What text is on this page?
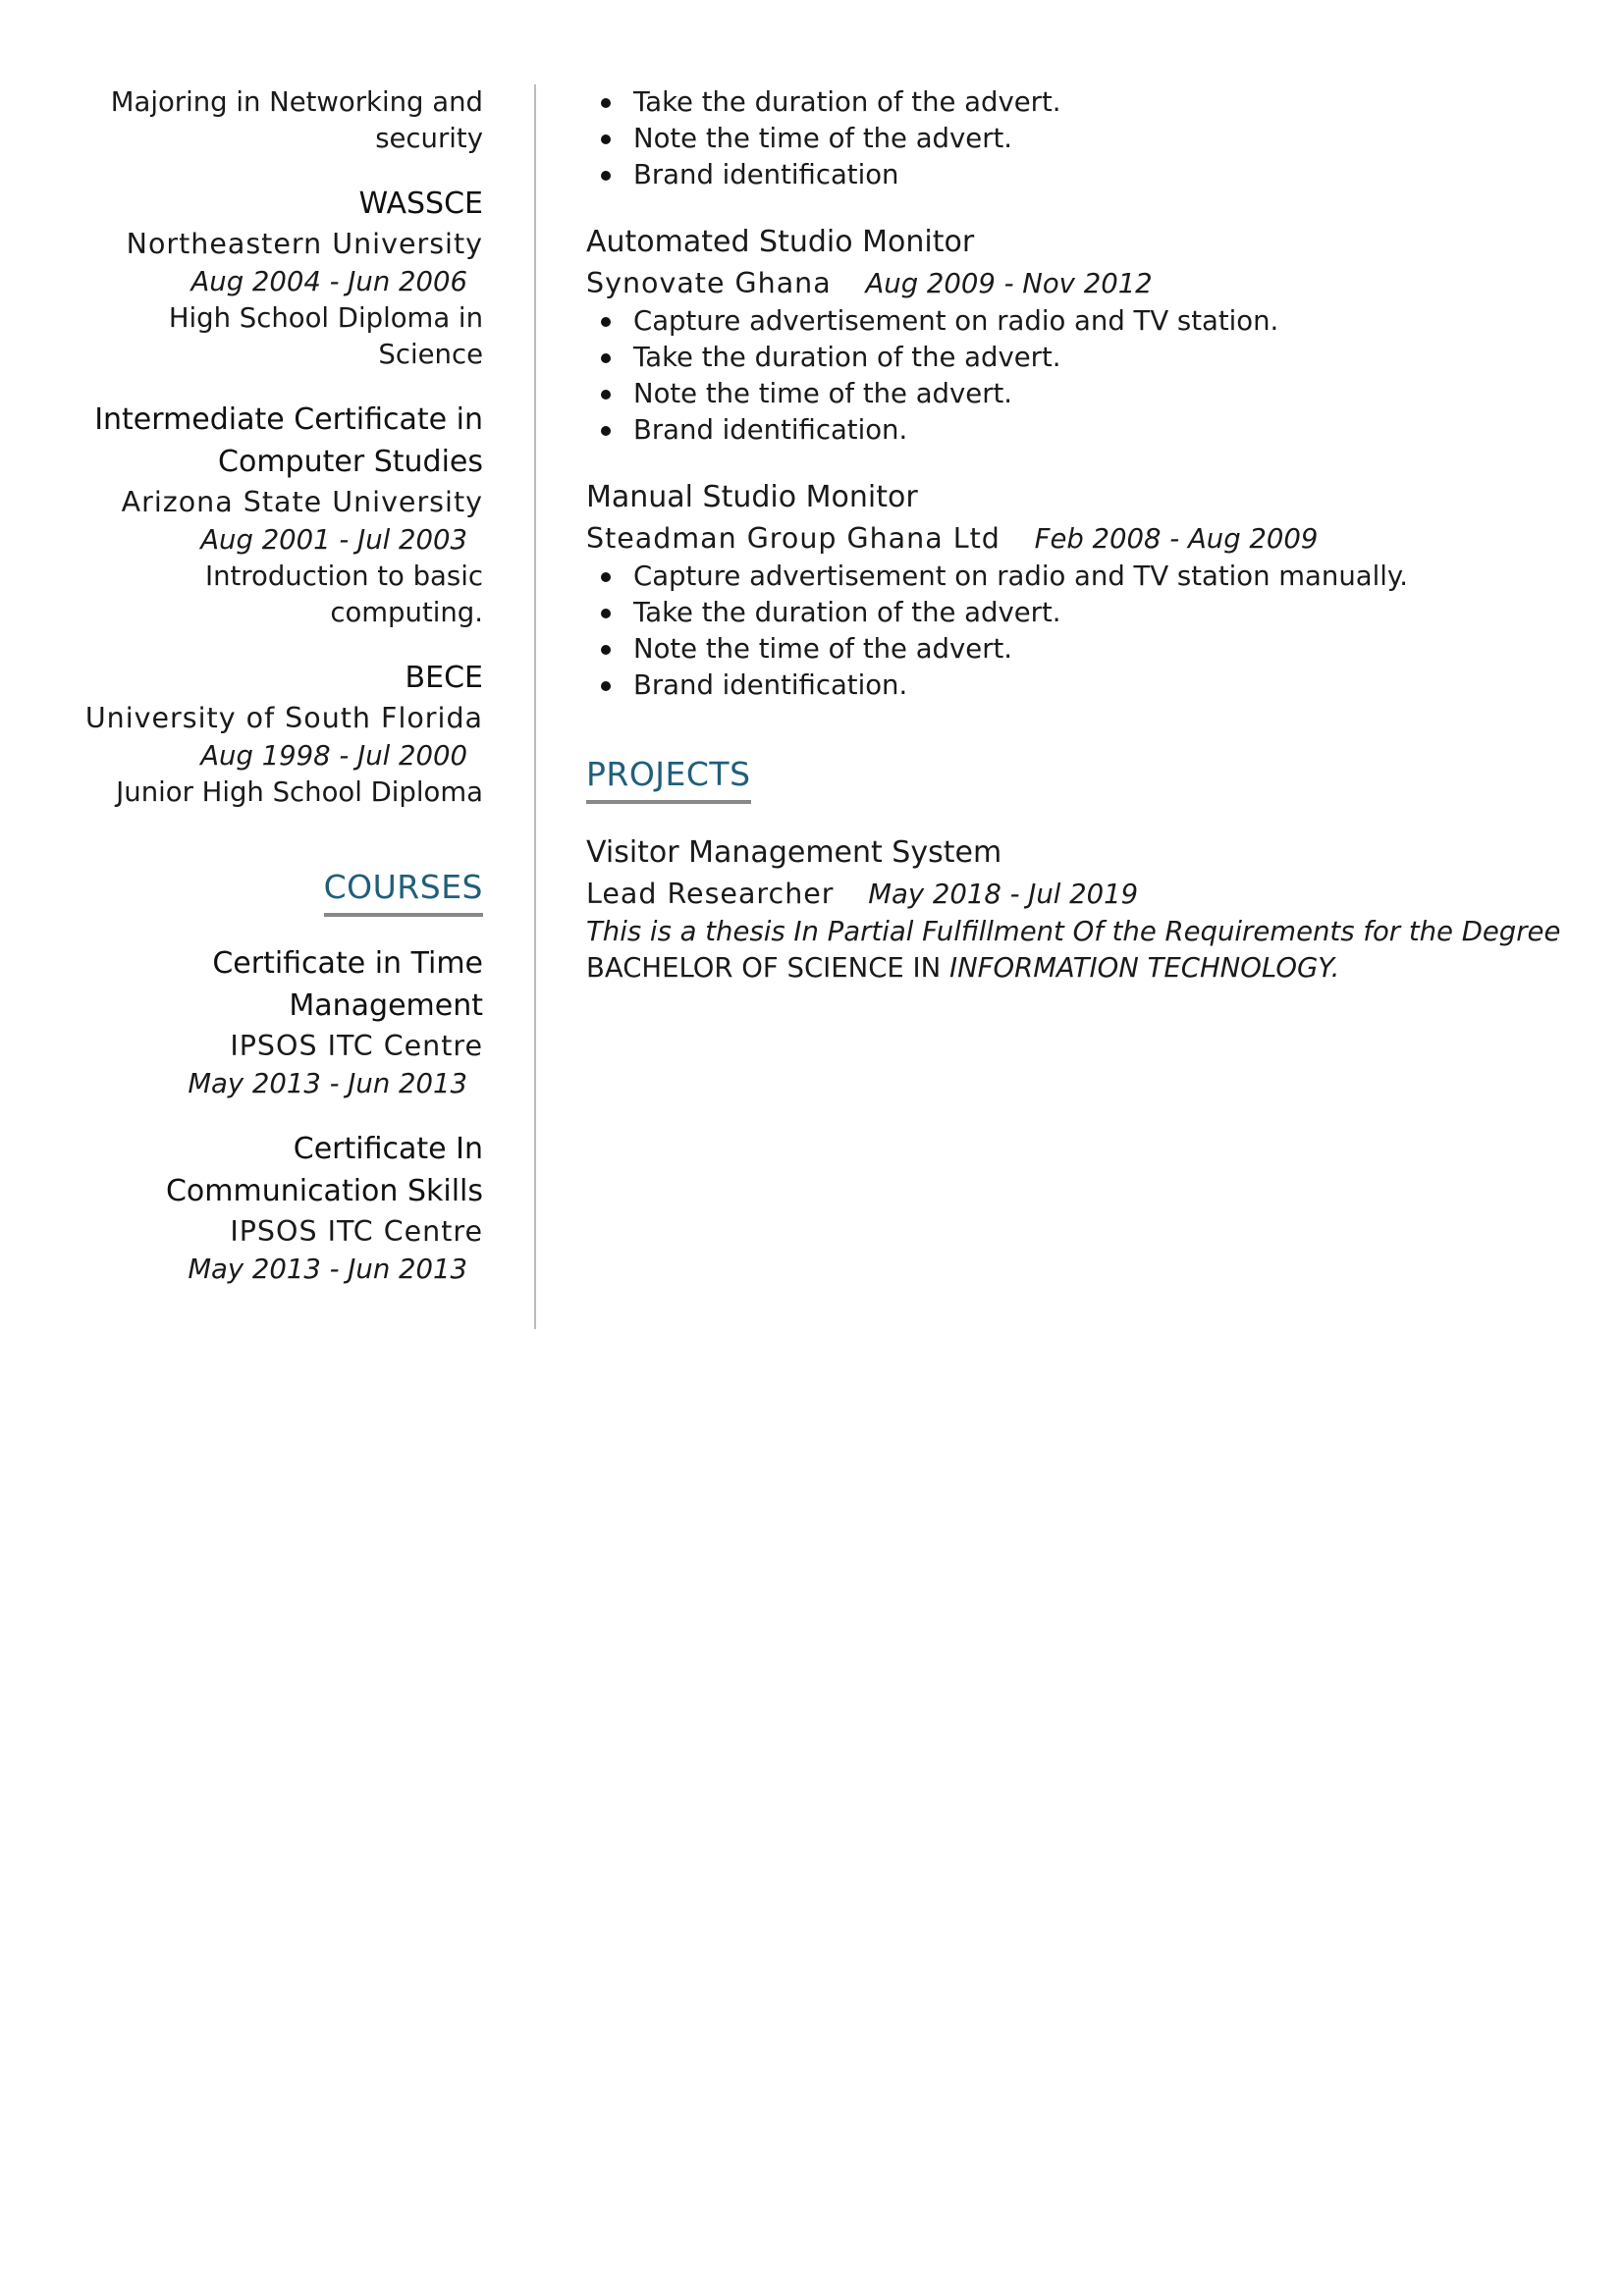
Majoring in Networking and security
WASSCE
Northeastern University
Aug 2004 - Jun 2006
High School Diploma in Science
Intermediate Certificate in Computer Studies
Arizona State University
Aug 2001 - Jul 2003
Introduction to basic computing.
BECE
University of South Florida
Aug 1998 - Jul 2000
Junior High School Diploma
COURSES
Certificate in Time Management
IPSOS ITC Centre
May 2013 - Jun 2013
Certificate In Communication Skills
IPSOS ITC Centre
May 2013 - Jun 2013
Take the duration of the advert.
Note the time of the advert.
Brand identification
Automated Studio Monitor
Synovate Ghana Aug 2009 - Nov 2012
Capture advertisement on radio and TV station.
Take the duration of the advert.
Note the time of the advert.
Brand identification.
Manual Studio Monitor
Steadman Group Ghana Ltd Feb 2008 - Aug 2009
Capture advertisement on radio and TV station manually.
Take the duration of the advert.
Note the time of the advert.
Brand identification.
PROJECTS
Visitor Management System
Lead Researcher May 2018 - Jul 2019
This is a thesis In Partial Fulfillment Of the Requirements for the Degree
BACHELOR OF SCIENCE IN INFORMATION TECHNOLOGY.
